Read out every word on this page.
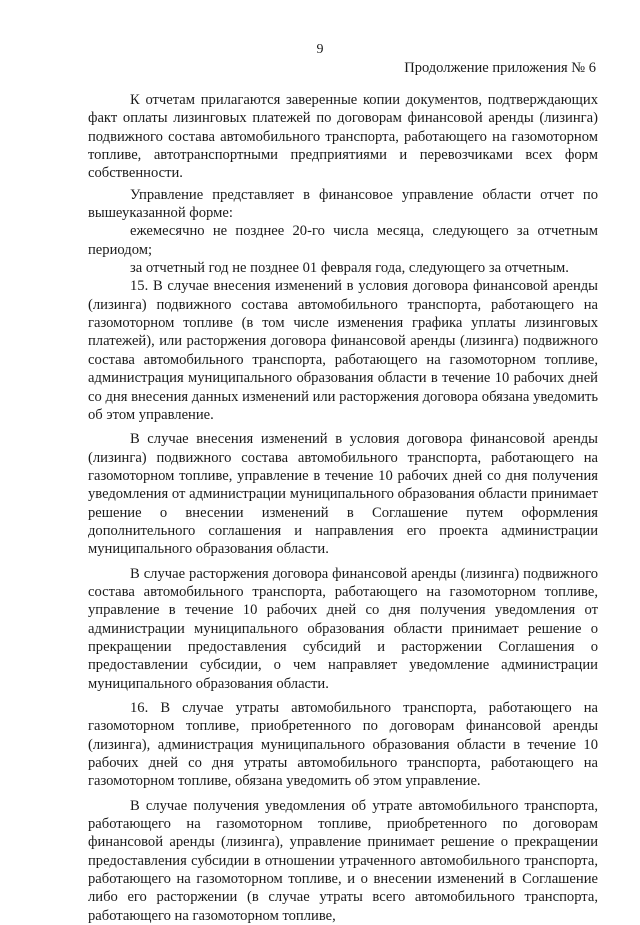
9
Продолжение приложения № 6

К отчетам прилагаются заверенные копии документов, подтверждающих факт оплаты лизинговых платежей по договорам финансовой аренды (лизинга) подвижного состава автомобильного транспорта, работающего на газомоторном топливе, автотранспортными предприятиями и перевозчиками всех форм собственности.

Управление представляет в финансовое управление области отчет по вышеуказанной форме:

ежемесячно не позднее 20-го числа месяца, следующего за отчетным периодом;

за отчетный год не позднее 01 февраля года, следующего за отчетным.

15. В случае внесения изменений в условия договора финансовой аренды (лизинга) подвижного состава автомобильного транспорта, работающего на газомоторном топливе (в том числе изменения графика уплаты лизинговых платежей), или расторжения договора финансовой аренды (лизинга) подвижного состава автомобильного транспорта, работающего на газомоторном топливе, администрация муниципального образования области в течение 10 рабочих дней со дня внесения данных изменений или расторжения договора обязана уведомить об этом управление.

В случае внесения изменений в условия договора финансовой аренды (лизинга) подвижного состава автомобильного транспорта, работающего на газомоторном топливе, управление в течение 10 рабочих дней со дня получения уведомления от администрации муниципального образования области принимает решение о внесении изменений в Соглашение путем оформления дополнительного соглашения и направления его проекта администрации муниципального образования области.

В случае расторжения договора финансовой аренды (лизинга) подвижного состава автомобильного транспорта, работающего на газомоторном топливе, управление в течение 10 рабочих дней со дня получения уведомления от администрации муниципального образования области принимает решение о прекращении предоставления субсидий и расторжении Соглашения о предоставлении субсидии, о чем направляет уведомление администрации муниципального образования области.

16. В случае утраты автомобильного транспорта, работающего на газомоторном топливе, приобретенного по договорам финансовой аренды (лизинга), администрация муниципального образования области в течение 10 рабочих дней со дня утраты автомобильного транспорта, работающего на газомоторном топливе, обязана уведомить об этом управление.

В случае получения уведомления об утрате автомобильного транспорта, работающего на газомоторном топливе, приобретенного по договорам финансовой аренды (лизинга), управление принимает решение о прекращении предоставления субсидии в отношении утраченного автомобильного транспорта, работающего на газомоторном топливе, и о внесении изменений в Соглашение либо его расторжении (в случае утраты всего автомобильного транспорта, работающего на газомоторном топливе,
